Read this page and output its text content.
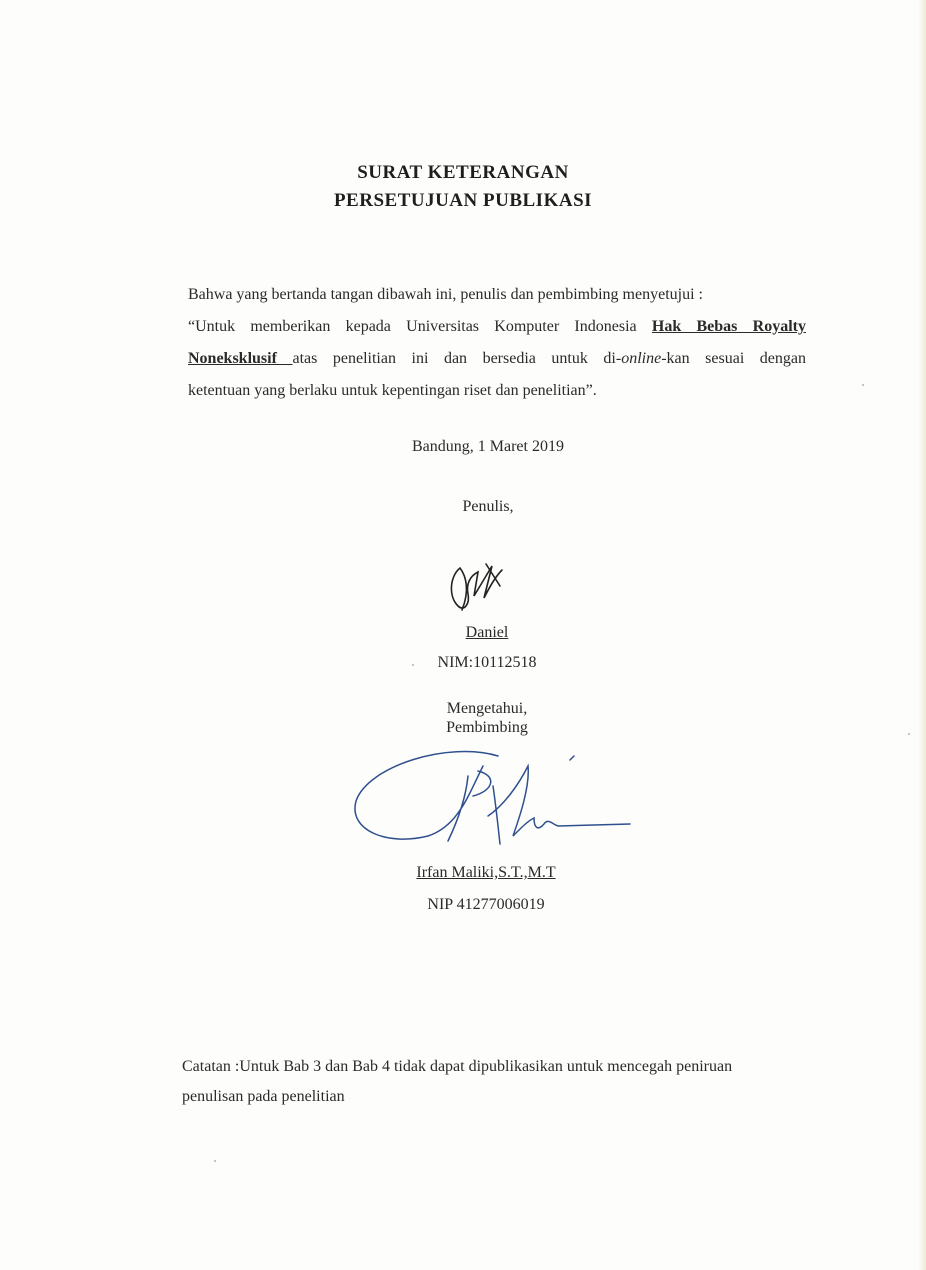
SURAT KETERANGAN
PERSETUJUAN PUBLIKASI
Bahwa yang bertanda tangan dibawah ini, penulis dan pembimbing menyetujui :
“Untuk memberikan kepada Universitas Komputer Indonesia Hak Bebas Royalty
Noneksklusif atas penelitian ini dan bersedia untuk di-online-kan sesuai dengan
ketentuan yang berlaku untuk kepentingan riset dan penelitian”.
Bandung, 1 Maret 2019
Penulis,
Daniel
NIM:10112518
Mengetahui,
Pembimbing
Irfan Maliki,S.T.,M.T
NIP 41277006019
Catatan :Untuk Bab 3 dan Bab 4 tidak dapat dipublikasikan untuk mencegah peniruan penulisan pada penelitian
